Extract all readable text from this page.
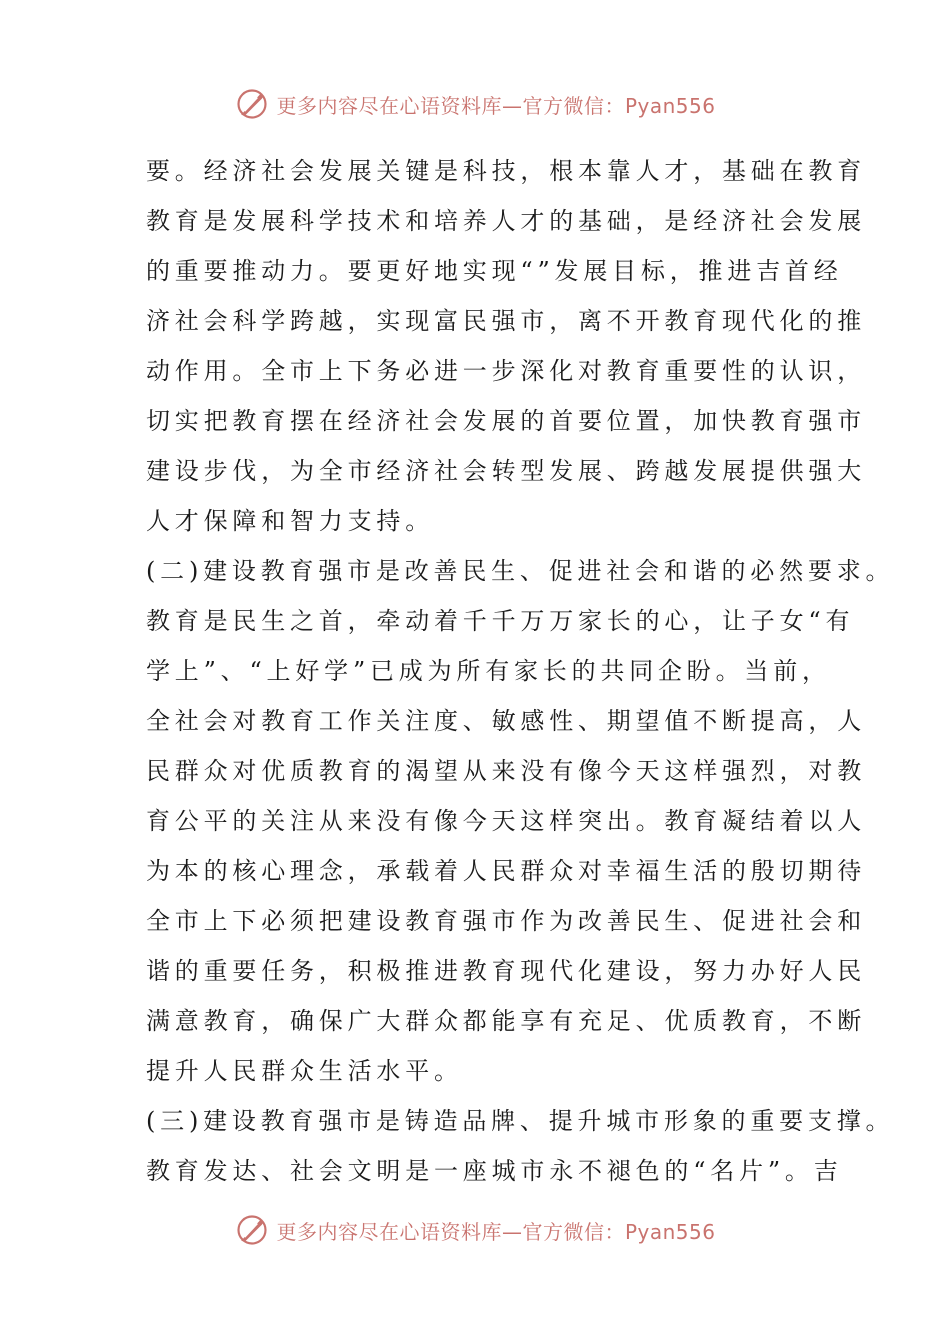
更多内容尽在心语资料库—官方微信：Pyan556
要。经济社会发展关键是科技，根本靠人才，基础在教育
教育是发展科学技术和培养人才的基础，是经济社会发展
的重要推动力。要更好地实现“”发展目标，推进吉首经
济社会科学跨越，实现富民强市，离不开教育现代化的推
动作用。全市上下务必进一步深化对教育重要性的认识，
切实把教育摆在经济社会发展的首要位置，加快教育强市
建设步伐，为全市经济社会转型发展、跨越发展提供强大
人才保障和智力支持。
(二)建设教育强市是改善民生、促进社会和谐的必然要求。
教育是民生之首，牵动着千千万万家长的心，让子女“有
学上”、“上好学”已成为所有家长的共同企盼。当前，
全社会对教育工作关注度、敏感性、期望值不断提高，人
民群众对优质教育的渴望从来没有像今天这样强烈，对教
育公平的关注从来没有像今天这样突出。教育凝结着以人
为本的核心理念，承载着人民群众对幸福生活的殷切期待
全市上下必须把建设教育强市作为改善民生、促进社会和
谐的重要任务，积极推进教育现代化建设，努力办好人民
满意教育，确保广大群众都能享有充足、优质教育，不断
提升人民群众生活水平。
(三)建设教育强市是铸造品牌、提升城市形象的重要支撑。
教育发达、社会文明是一座城市永不褪色的“名片”。吉
更多内容尽在心语资料库—官方微信：Pyan556
